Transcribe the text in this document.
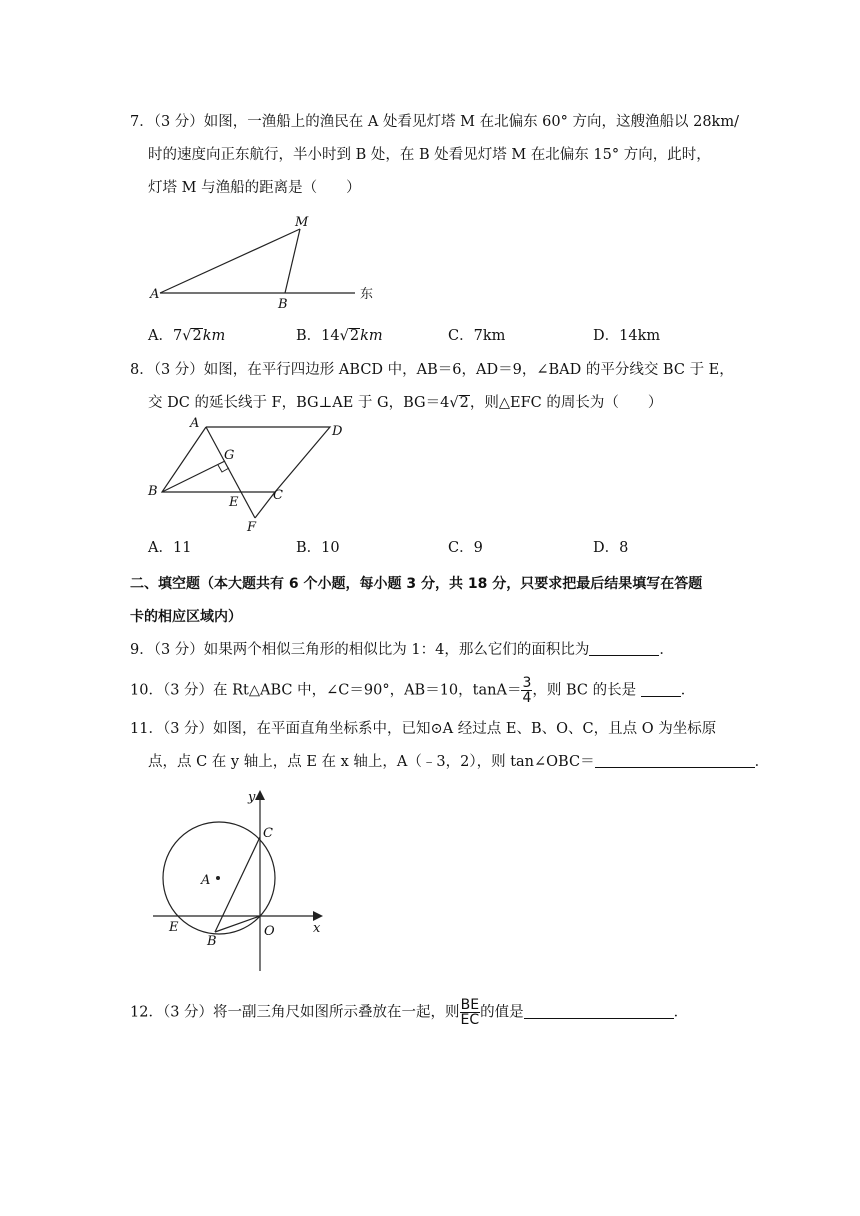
7．（3 分）如图，一渔船上的渔民在 A 处看见灯塔 M 在北偏东 60° 方向，这艘渔船以 28km/
时的速度向正东航行，半小时到 B 处，在 B 处看见灯塔 M 在北偏东 15° 方向，此时，
灯塔 M 与渔船的距离是（　　）
A
B
M
东
A．7√2km	B．14√2km	C．7km	D．14km
8．（3 分）如图，在平行四边形 ABCD 中，AB＝6，AD＝9，∠BAD 的平分线交 BC 于 E，
交 DC 的延长线于 F，BG⊥AE 于 G，BG＝4√2，则△EFC 的周长为（　　）
A
D
G
B
E	C
F
A．11	B．10	C．9	D．8
二、填空题（本大题共有 6 个小题，每小题 3 分，共 18 分，只要求把最后结果填写在答题
卡的相应区域内）
9．（3 分）如果两个相似三角形的相似比为 1：4，那么它们的面积比为	．
10．（3 分）在 Rt△ABC 中，∠C＝90°，AB＝10，$\tan A= \frac{3}{4}$ ，则 BC 的长是	．
11．（3 分）如图，在平面直角坐标系中，已知⊙A 经过点 E、B、O、C，且点 O 为坐标原
点，点 C 在 y 轴上，点 E 在 x 轴上，A（﹣3，2），则 tan∠OBC＝	．
y
C
A
E	O	x
B
12．（3 分）将一副三角尺如图所示叠放在一起，则 $\frac{BE}{EC}$ 的值是	．
